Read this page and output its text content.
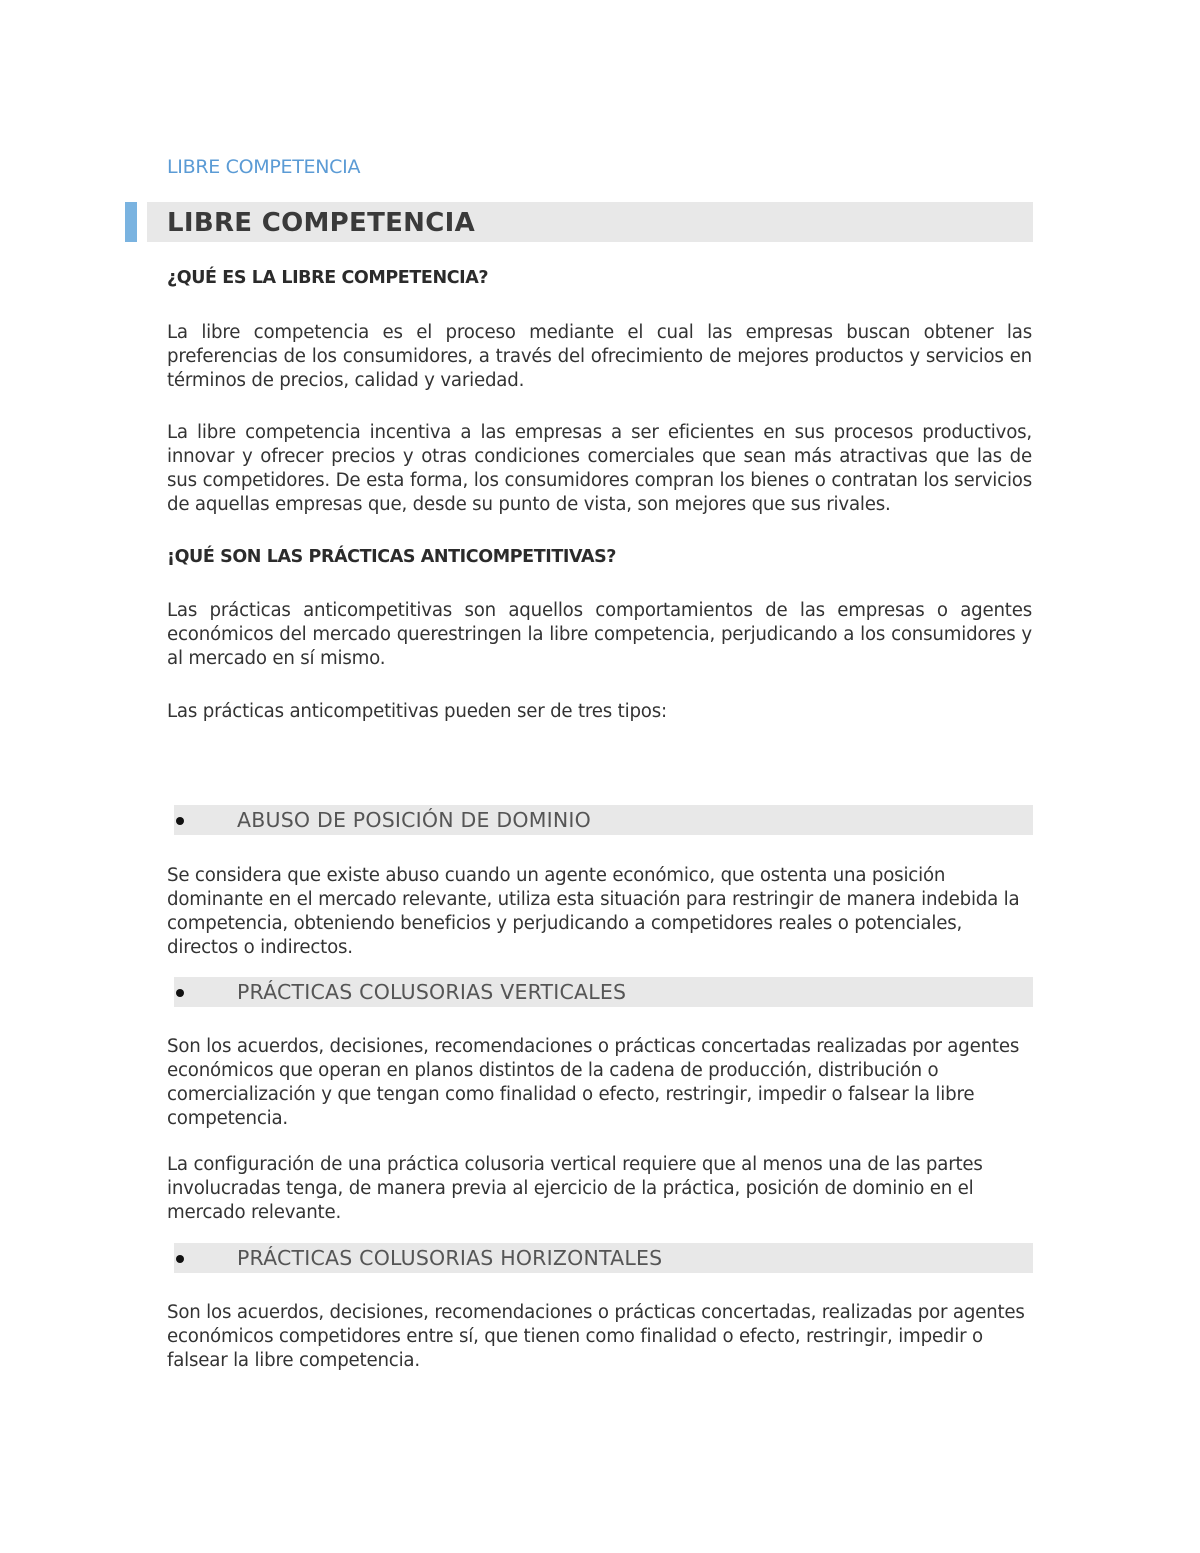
LIBRE COMPETENCIA
LIBRE COMPETENCIA
¿QUÉ ES LA LIBRE COMPETENCIA?

La libre competencia es el proceso mediante el cual las empresas buscan obtener las preferencias de los consumidores, a través del ofrecimiento de mejores productos y servicios en términos de precios, calidad y variedad.

La libre competencia incentiva a las empresas a ser eficientes en sus procesos productivos, innovar y ofrecer precios y otras condiciones comerciales que sean más atractivas que las de sus competidores. De esta forma, los consumidores compran los bienes o contratan los servicios de aquellas empresas que, desde su punto de vista, son mejores que sus rivales.

¡QUÉ SON LAS PRÁCTICAS ANTICOMPETITIVAS?

Las prácticas anticompetitivas son aquellos comportamientos de las empresas o agentes económicos del mercado querestringen la libre competencia, perjudicando a los consumidores y al mercado en sí mismo.

Las prácticas anticompetitivas pueden ser de tres tipos:

ABUSO DE POSICIÓN DE DOMINIO

Se considera que existe abuso cuando un agente económico, que ostenta una posición dominante en el mercado relevante, utiliza esta situación para restringir de manera indebida la competencia, obteniendo beneficios y perjudicando a competidores reales o potenciales, directos o indirectos.

PRÁCTICAS COLUSORIAS VERTICALES

Son los acuerdos, decisiones, recomendaciones o prácticas concertadas realizadas por agentes económicos que operan en planos distintos de la cadena de producción, distribución o comercialización y que tengan como finalidad o efecto, restringir, impedir o falsear la libre competencia.

La configuración de una práctica colusoria vertical requiere que al menos una de las partes involucradas tenga, de manera previa al ejercicio de la práctica, posición de dominio en el mercado relevante.

PRÁCTICAS COLUSORIAS HORIZONTALES

Son los acuerdos, decisiones, recomendaciones o prácticas concertadas, realizadas por agentes económicos competidores entre sí, que tienen como finalidad o efecto, restringir, impedir o falsear la libre competencia.
